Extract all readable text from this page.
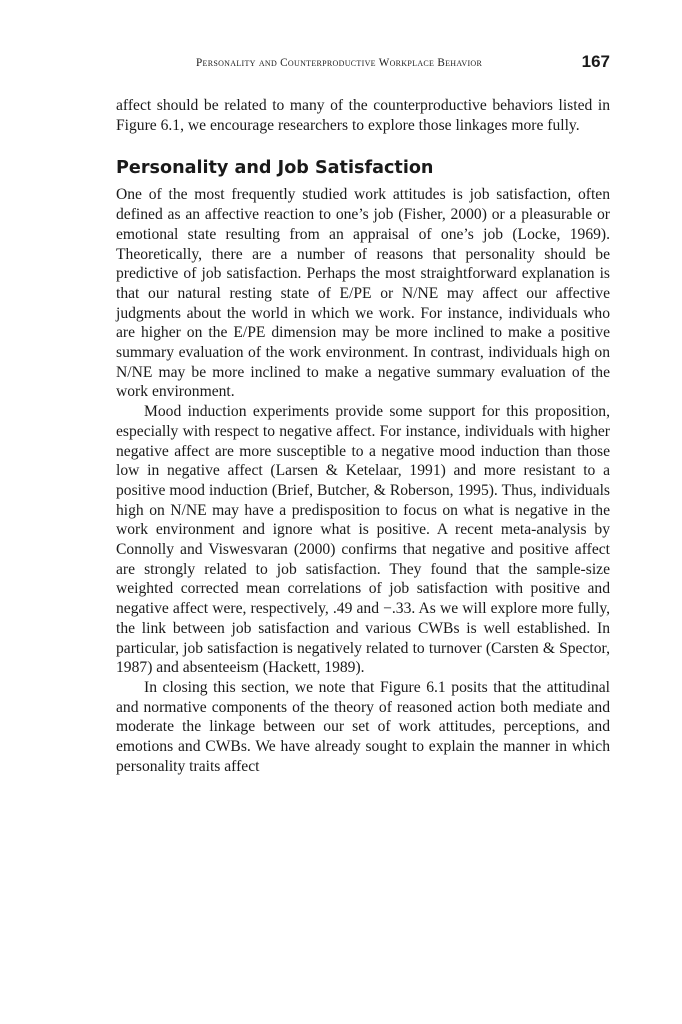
Personality and Counterproductive Workplace Behavior	167

affect should be related to many of the counterproductive behaviors listed in Figure 6.1, we encourage researchers to explore those linkages more fully.

Personality and Job Satisfaction

One of the most frequently studied work attitudes is job satisfaction, often defined as an affective reaction to one’s job (Fisher, 2000) or a pleasurable or emotional state resulting from an appraisal of one’s job (Locke, 1969). Theoretically, there are a number of reasons that personality should be predictive of job satisfaction. Perhaps the most straightforward explanation is that our natural resting state of E/PE or N/NE may affect our affective judgments about the world in which we work. For instance, individuals who are higher on the E/PE dimension may be more inclined to make a positive summary evaluation of the work environment. In contrast, individuals high on N/NE may be more inclined to make a negative summary evaluation of the work environment.

Mood induction experiments provide some support for this proposition, especially with respect to negative affect. For instance, individuals with higher negative affect are more susceptible to a negative mood induction than those low in negative affect (Larsen & Ketelaar, 1991) and more resistant to a positive mood induction (Brief, Butcher, & Roberson, 1995). Thus, individuals high on N/NE may have a predisposition to focus on what is negative in the work environment and ignore what is positive. A recent meta-analysis by Connolly and Viswesvaran (2000) confirms that negative and positive affect are strongly related to job satisfaction. They found that the sample-size weighted corrected mean correlations of job satisfaction with positive and negative affect were, respectively, .49 and −.33. As we will explore more fully, the link between job satisfaction and various CWBs is well established. In particular, job satisfaction is negatively related to turnover (Carsten & Spector, 1987) and absenteeism (Hackett, 1989).

In closing this section, we note that Figure 6.1 posits that the attitudinal and normative components of the theory of reasoned action both mediate and moderate the linkage between our set of work attitudes, perceptions, and emotions and CWBs. We have already sought to explain the manner in which personality traits affect
